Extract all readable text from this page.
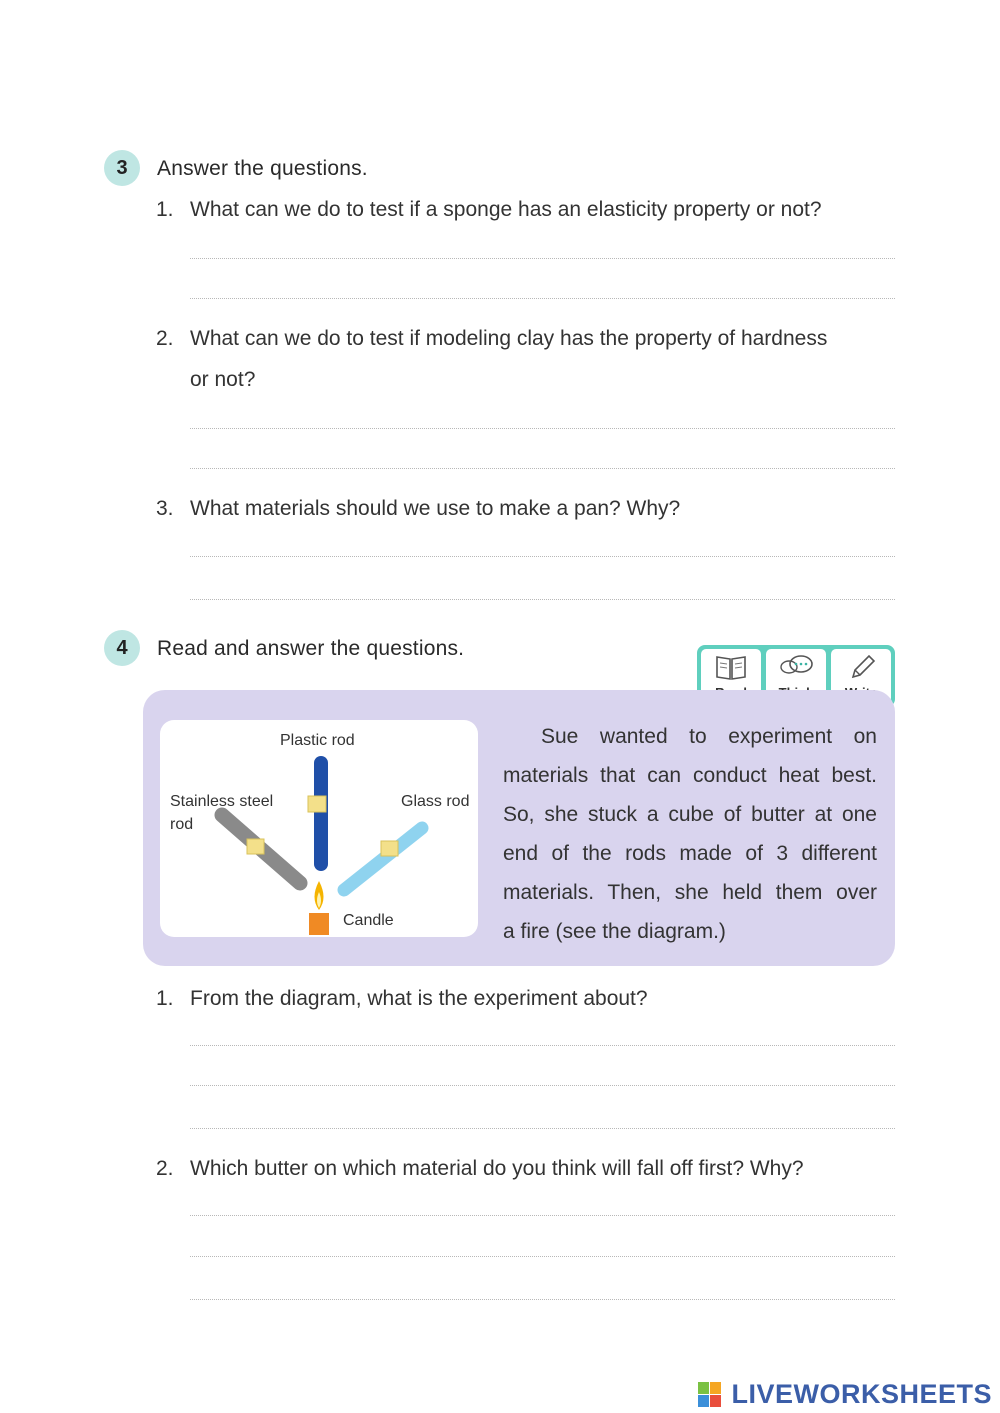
3 Answer the questions.
1. What can we do to test if a sponge has an elasticity property or not?
2. What can we do to test if modeling clay has the property of hardness
or not?
3. What materials should we use to make a pan? Why?
4 Read and answer the questions.
Plastic rod
Stainless steel
rod
Glass rod
Candle
Sue wanted to experiment on
materials that can conduct heat best.
So, she stuck a cube of butter at one
end of the rods made of 3 different
materials. Then, she held them over
a fire (see the diagram.)
1. From the diagram, what is the experiment about?
2. Which butter on which material do you think will fall off first? Why?
LIVEWORKSHEETS
